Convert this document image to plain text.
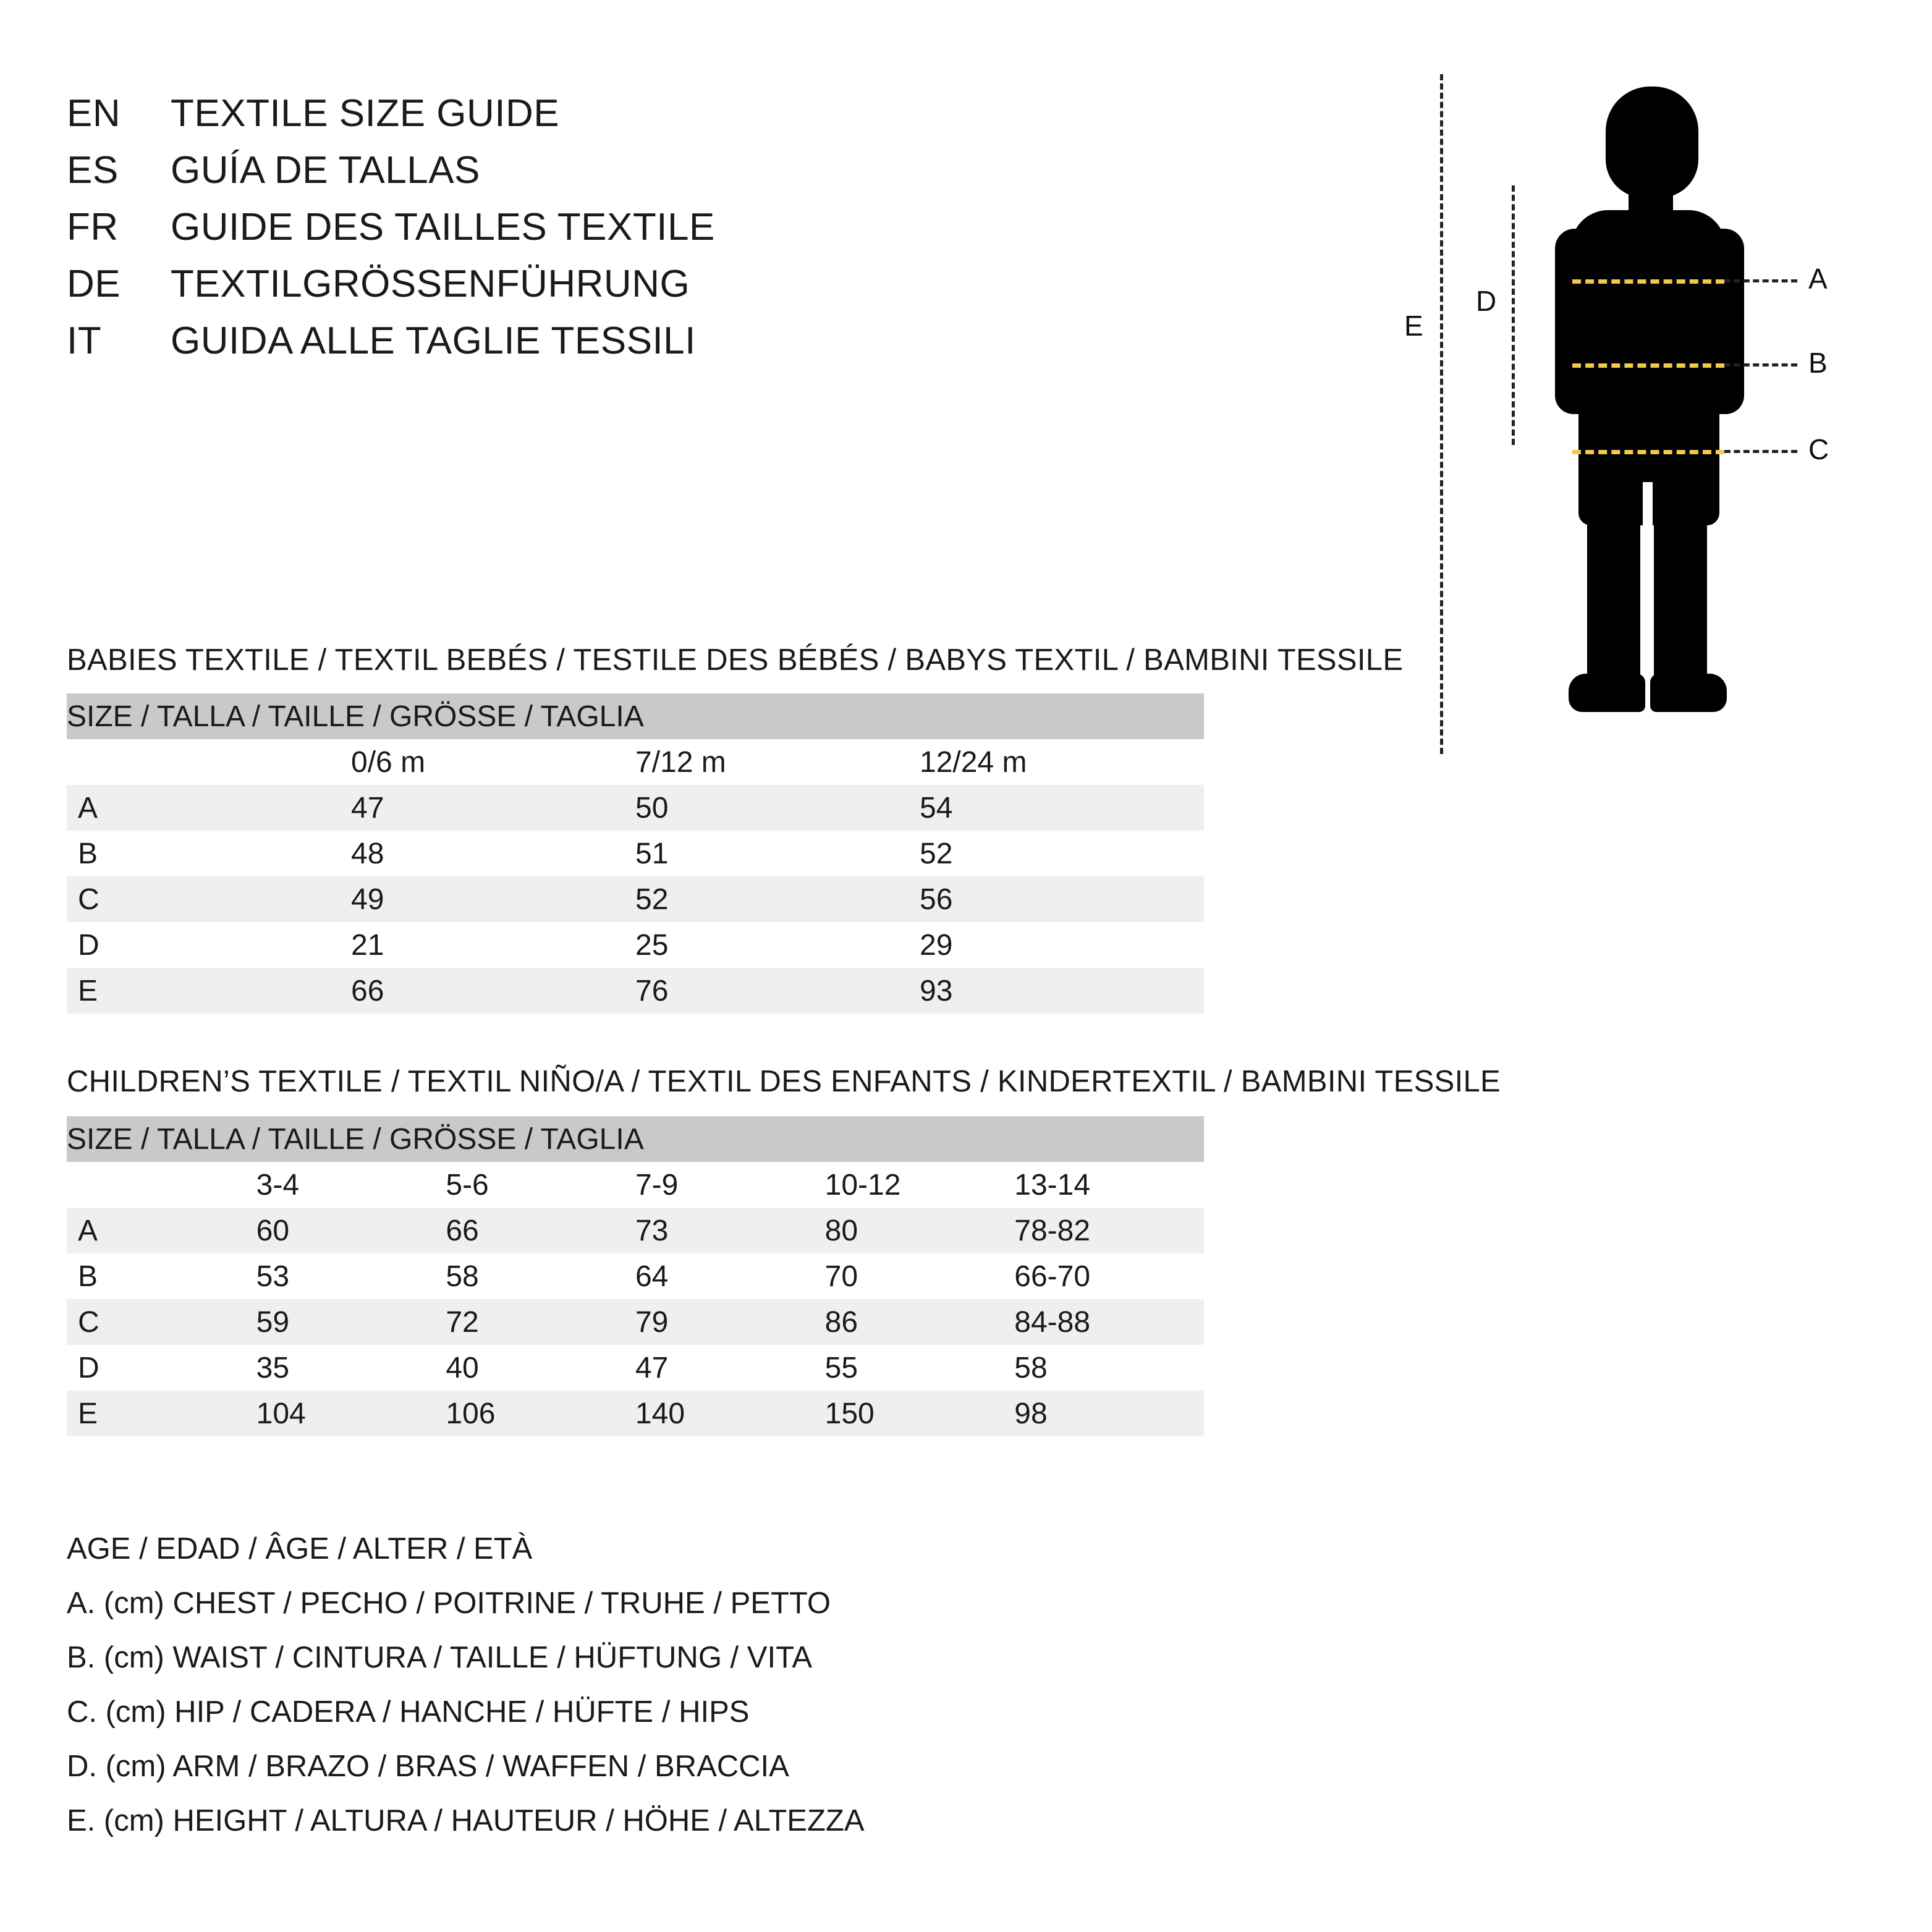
EN	TEXTILE SIZE GUIDE
ES	GUÍA DE TALLAS
FR	GUIDE DES TAILLES TEXTILE
DE	TEXTILGRÖSSENFÜHRUNG
IT	GUIDA ALLE TAGLIE TESSILI	E
D
A
B
C
BABIES TEXTILE / TEXTIL BEBÉS / TESTILE DES BÉBÉS / BABYS TEXTIL / BAMBINI TESSILE
SIZE / TALLA / TAILLE / GRÖSSE / TAGLIA			
	0/6 m	7/12 m	12/24 m
A	47	50	54
B	48	51	52
C	49	52	56
D	21	25	29
E	66	76	93
CHILDREN’S TEXTILE / TEXTIL NIÑO/A / TEXTIL DES ENFANTS / KINDERTEXTIL / BAMBINI TESSILE
SIZE / TALLA / TAILLE / GRÖSSE / TAGLIA					
	3-4	5-6	7-9	10-12	13-14
A	60	66	73	80	78-82
B	53	58	64	70	66-70
C	59	72	79	86	84-88
D	35	40	47	55	58
E	104	106	140	150	98
AGE / EDAD / ÂGE / ALTER / ETÀ
A. (cm) CHEST / PECHO / POITRINE / TRUHE / PETTO
B. (cm) WAIST / CINTURA / TAILLE / HÜFTUNG / VITA
C. (cm) HIP / CADERA / HANCHE / HÜFTE / HIPS
D. (cm) ARM / BRAZO / BRAS / WAFFEN / BRACCIA
E. (cm) HEIGHT / ALTURA / HAUTEUR / HÖHE / ALTEZZA
